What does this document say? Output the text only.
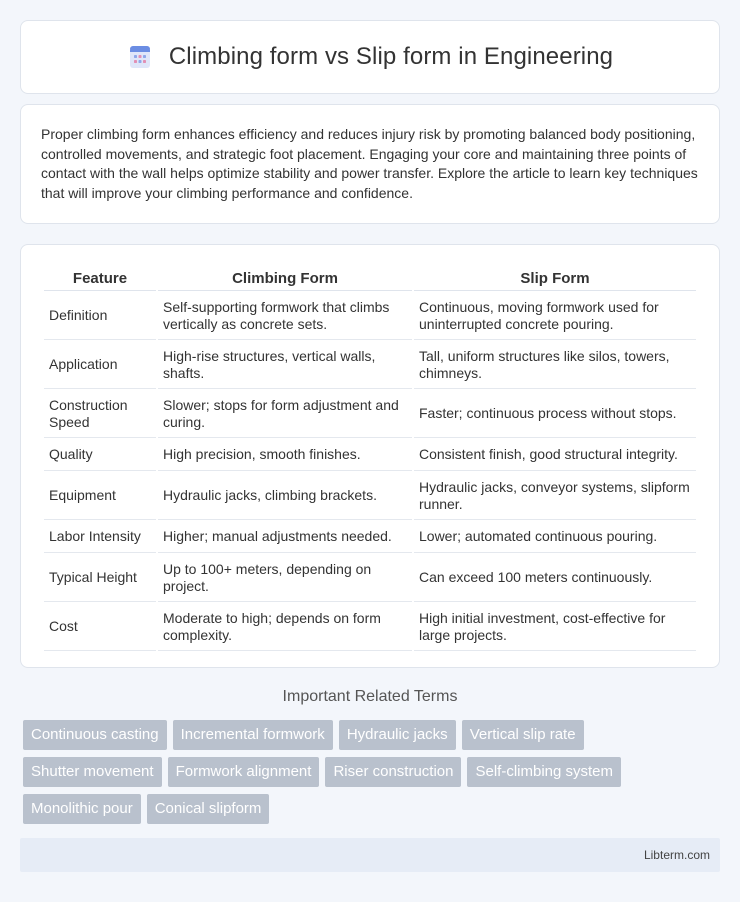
Climbing form vs Slip form in Engineering

Proper climbing form enhances efficiency and reduces injury risk by promoting balanced body positioning, controlled movements, and strategic foot placement. Engaging your core and maintaining three points of contact with the wall helps optimize stability and power transfer. Explore the article to learn key techniques that will improve your climbing performance and confidence.

Feature	Climbing Form	Slip Form
Definition	Self-supporting formwork that climbs vertically as concrete sets.	Continuous, moving formwork used for uninterrupted concrete pouring.
Application	High-rise structures, vertical walls, shafts.	Tall, uniform structures like silos, towers, chimneys.
Construction Speed	Slower; stops for form adjustment and curing.	Faster; continuous process without stops.
Quality	High precision, smooth finishes.	Consistent finish, good structural integrity.
Equipment	Hydraulic jacks, climbing brackets.	Hydraulic jacks, conveyor systems, slipform runner.
Labor Intensity	Higher; manual adjustments needed.	Lower; automated continuous pouring.
Typical Height	Up to 100+ meters, depending on project.	Can exceed 100 meters continuously.
Cost	Moderate to high; depends on form complexity.	High initial investment, cost-effective for large projects.
Important Related Terms
Continuous casting	Incremental formwork	Hydraulic jacks	Vertical slip rate
Shutter movement	Formwork alignment	Riser construction	Self-climbing system
Monolithic pour	Conical slipform
Libterm.com
